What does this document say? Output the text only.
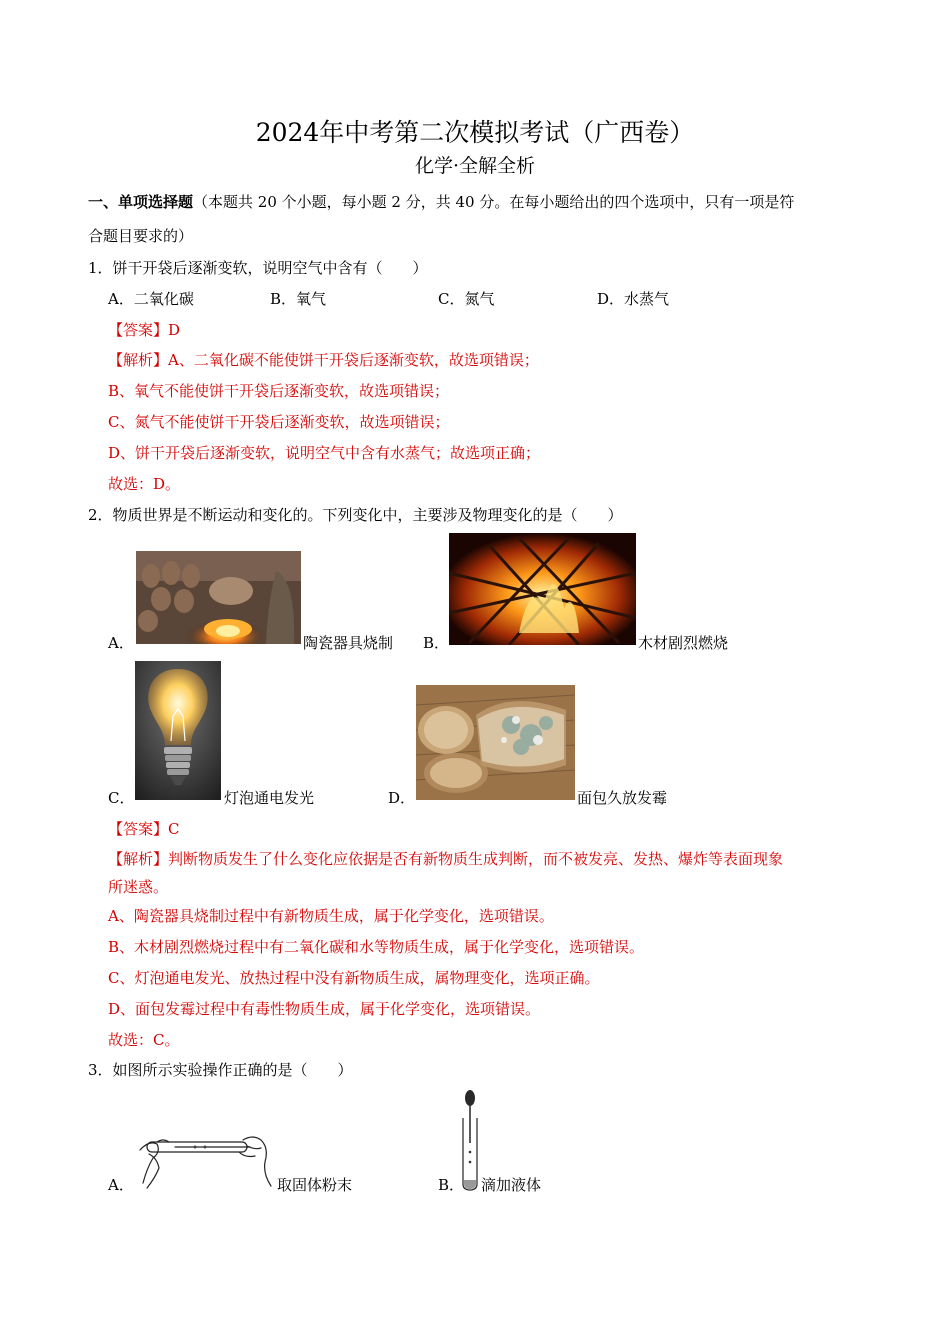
2024年中考第二次模拟考试（广西卷）
化学·全解全析
一、单项选择题（本题共 20 个小题，每小题 2 分，共 40 分。在每小题给出的四个选项中，只有一项是符
合题目要求的）
1．饼干开袋后逐渐变软，说明空气中含有（　　）
A．二氧化碳	B．氧气	C．氮气	D．水蒸气
【答案】D
【解析】A、二氧化碳不能使饼干开袋后逐渐变软，故选项错误；
B、氧气不能使饼干开袋后逐渐变软，故选项错误；
C、氮气不能使饼干开袋后逐渐变软，故选项错误；
D、饼干开袋后逐渐变软，说明空气中含有水蒸气；故选项正确；
故选：D。
2．物质世界是不断运动和变化的。下列变化中，主要涉及物理变化的是（　　）
A．	陶瓷器具烧制 B．	木材剧烈燃烧
C．	灯泡通电发光	D．	面包久放发霉
【答案】C
【解析】判断物质发生了什么变化应依据是否有新物质生成判断，而不被发亮、发热、爆炸等表面现象
所迷惑。
A、陶瓷器具烧制过程中有新物质生成，属于化学变化，选项错误。
B、木材剧烈燃烧过程中有二氧化碳和水等物质生成，属于化学变化，选项错误。
C、灯泡通电发光、放热过程中没有新物质生成，属物理变化，选项正确。
D、面包发霉过程中有毒性物质生成，属于化学变化，选项错误。
故选：C。
3．如图所示实验操作正确的是（　　）
A．	取固体粉末	B． 滴加液体
